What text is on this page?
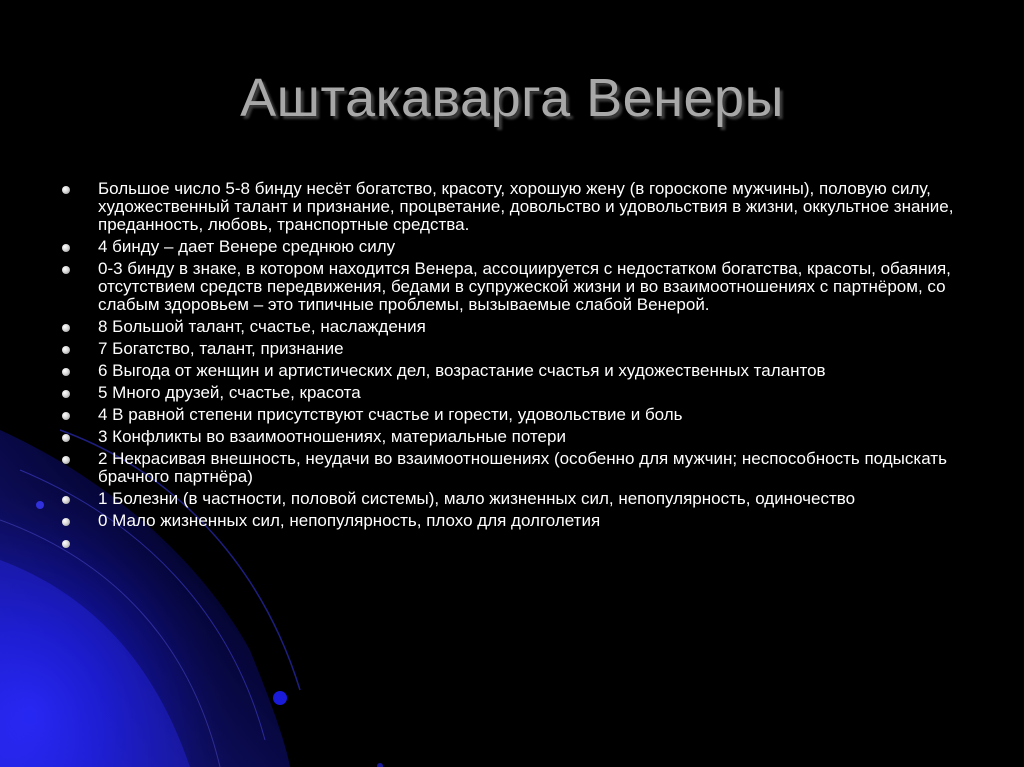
Аштакаварга Венеры
Большое число 5-8 бинду несёт богатство, красоту, хорошую жену (в гороскопе мужчины), половую силу, художественный талант и признание, процветание, довольство и удовольствия в жизни, оккультное знание, преданность, любовь, транспортные средства.
4 бинду – дает Венере среднюю силу
0-3 бинду в знаке, в котором находится Венера, ассоциируется с недостатком богатства, красоты, обаяния, отсутствием средств передвижения, бедами в супружеской жизни и во взаимоотношениях с партнёром, со слабым здоровьем – это типичные проблемы, вызываемые слабой Венерой.
8 Большой талант, счастье, наслаждения
7 Богатство, талант, признание
6 Выгода от женщин и артистических дел, возрастание счастья и художественных талантов
5 Много друзей, счастье, красота
4 В равной степени присутствуют счастье и горести, удовольствие и боль
3 Конфликты во взаимоотношениях, материальные потери
2 Некрасивая внешность, неудачи во взаимоотношениях (особенно для мужчин; неспособность подыскать брачного партнёра)
1 Болезни (в частности, половой системы), мало жизненных сил, непопулярность, одиночество
0 Мало жизненных сил, непопулярность, плохо для долголетия
